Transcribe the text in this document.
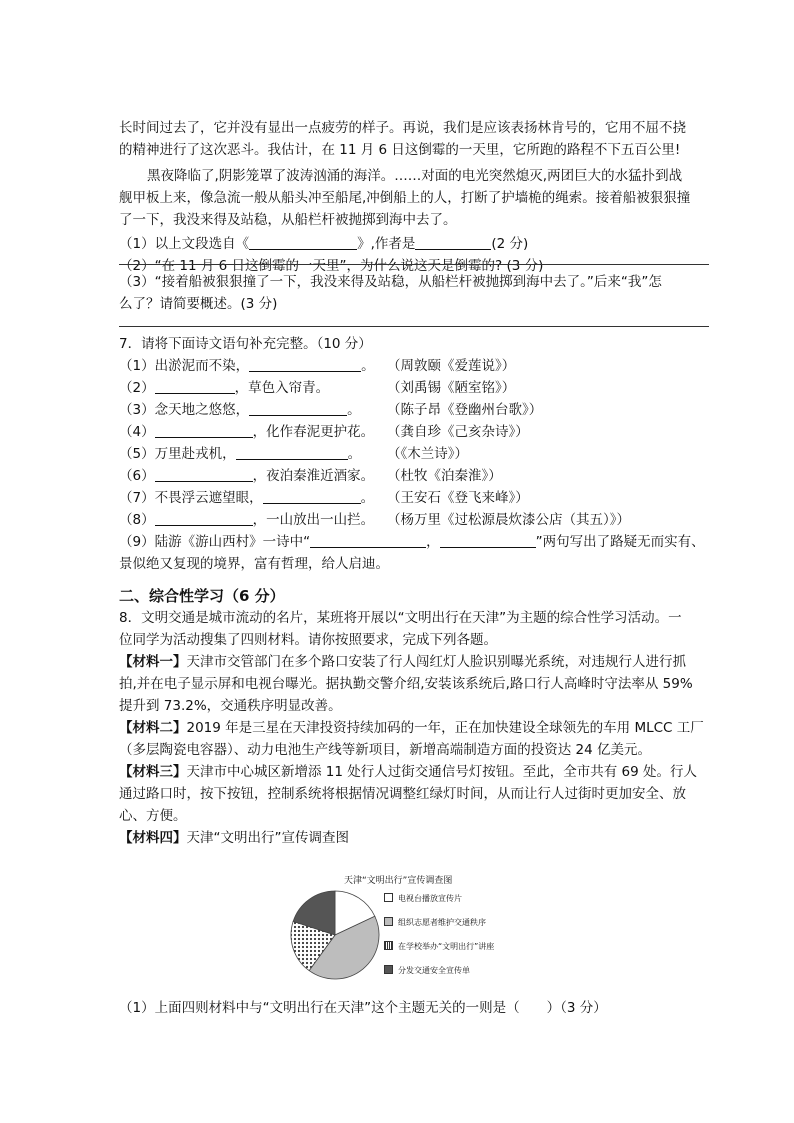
长时间过去了，它并没有显出一点疲劳的样子。再说，我们是应该表扬林肯号的，它用不屈不挠
的精神进行了这次恶斗。我估计，在 11 月 6 日这倒霉的一天里，它所跑的路程不下五百公里!
黑夜降临了,阴影笼罩了波涛汹涌的海洋。……对面的电光突然熄灭,两团巨大的水猛扑到战
舰甲板上来，像急流一般从船头冲至船尾,冲倒船上的人，打断了护墙桅的绳索。接着船被狠狠撞
了一下，我没来得及站稳，从船栏杆被抛掷到海中去了。
（1）以上文段选自《	》,作者是	(2 分)
（2）“在 11 月 6 日这倒霉的一天里”，为什么说这天是倒霉的? (3 分)
（3）“接着船被狠狠撞了一下，我没来得及站稳，从船栏杆被抛掷到海中去了。”后来“我”怎
么了？请简要概述。(3 分)
7．请将下面诗文语句补充完整。（10 分）
（1）出淤泥而不染，	。 （周敦颐《爱莲说》）
（2）	，草色入帘青。	（刘禹锡《陋室铭》）
（3）念天地之悠悠，	。 （陈子昂《登幽州台歌》）
（4）	，化作春泥更护花。 （龚自珍《己亥杂诗》）
（5）万里赴戎机，	。 （《木兰诗》）
（6）	，夜泊秦淮近酒家。 （杜牧《泊秦淮》）
（7）不畏浮云遮望眼，	。 （王安石《登飞来峰》）
（8）	，一山放出一山拦。 （杨万里《过松源晨炊漆公店（其五）》）
（9）陆游《游山西村》一诗中“	，	”两句写出了路疑无而实有、
景似绝又复现的境界，富有哲理，给人启迪。
二、综合性学习（6 分）
8．文明交通是城市流动的名片，某班将开展以“文明出行在天津”为主题的综合性学习活动。一
位同学为活动搜集了四则材料。请你按照要求，完成下列各题。
【材料一】天津市交管部门在多个路口安装了行人闯红灯人脸识别曝光系统，对违规行人进行抓
拍,并在电子显示屏和电视台曝光。据执勤交警介绍,安装该系统后,路口行人高峰时守法率从 59%
提升到 73.2%，交通秩序明显改善。
【材料二】2019 年是三星在天津投资持续加码的一年，正在加快建设全球领先的车用 MLCC 工厂
（多层陶瓷电容器）、动力电池生产线等新项目，新增高端制造方面的投资达 24 亿美元。
【材料三】天津市中心城区新增添 11 处行人过街交通信号灯按钮。至此，全市共有 69 处。行人
通过路口时，按下按钮，控制系统将根据情况调整红绿灯时间，从而让行人过街时更加安全、放
心、方便。
【材料四】天津“文明出行”宣传调查图
天津“文明出行”宣传调查图
电视台播放宣传片
组织志愿者维护交通秩序
在学校举办“文明出行”讲座
分发交通安全宣传单
（1）上面四则材料中与“文明出行在天津”这个主题无关的一则是（　　）（3 分）
